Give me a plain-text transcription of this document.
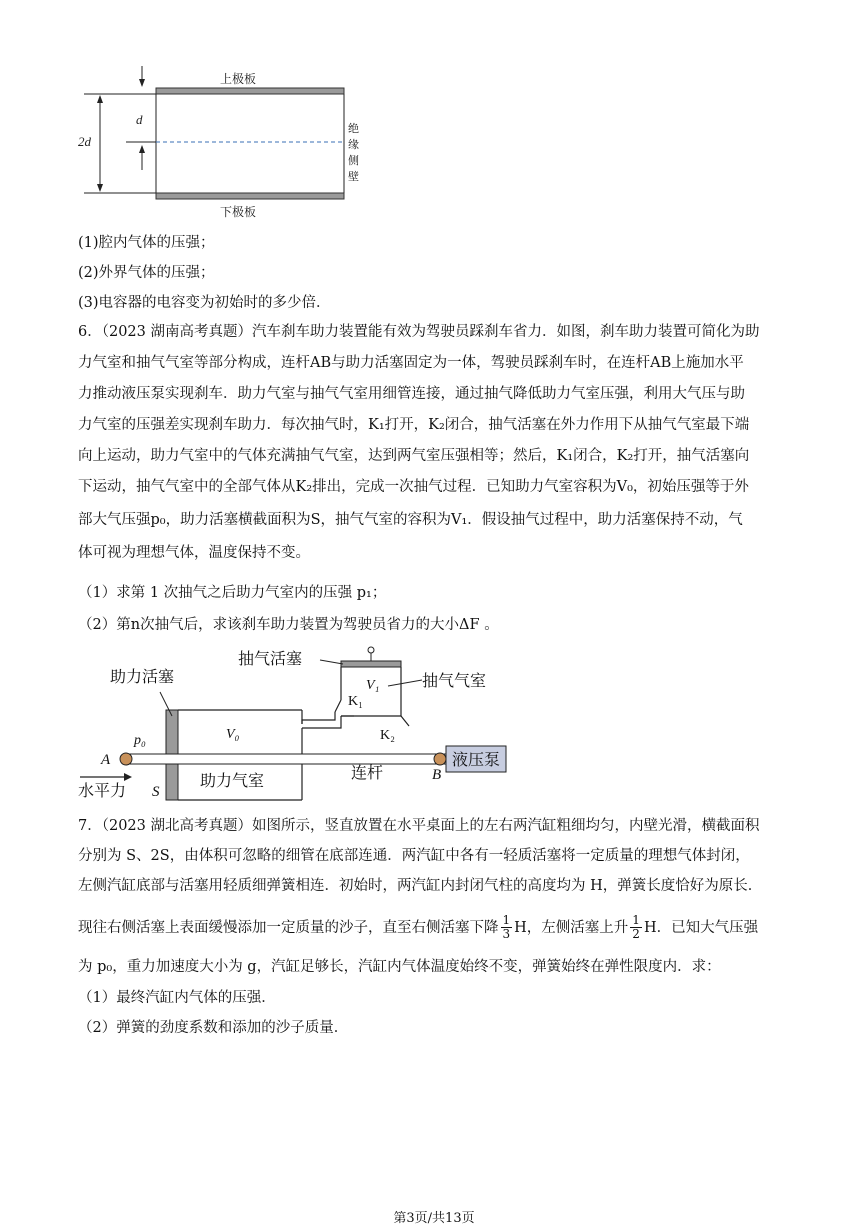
上极板
下极板
d
2d
绝
缘
侧
壁
(1)腔内气体的压强；
(2)外界气体的压强；
(3)电容器的电容变为初始时的多少倍．
6．（2023 湖南高考真题）汽车刹车助力装置能有效为驾驶员踩刹车省力．如图，刹车助力装置可简化为助
力气室和抽气气室等部分构成，连杆AB与助力活塞固定为一体，驾驶员踩刹车时，在连杆AB上施加水平
力推动液压泵实现刹车．助力气室与抽气气室用细管连接，通过抽气降低助力气室压强，利用大气压与助
力气室的压强差实现刹车助力．每次抽气时，K₁打开，K₂闭合，抽气活塞在外力作用下从抽气气室最下端
向上运动，助力气室中的气体充满抽气气室，达到两气室压强相等；然后，K₁闭合，K₂打开，抽气活塞向
下运动，抽气气室中的全部气体从K₂排出，完成一次抽气过程．已知助力气室容积为V₀，初始压强等于外
部大气压强p₀，助力活塞横截面积为S，抽气气室的容积为V₁．假设抽气过程中，助力活塞保持不动，气
体可视为理想气体，温度保持不变。
（1）求第 1 次抽气之后助力气室内的压强 p₁；
（2）第n次抽气后，求该刹车助力装置为驾驶员省力的大小ΔF 。
抽气活塞
抽气气室
助力活塞
助力气室	连杆
液压泵
水平力
p₀	V₀
V₁
K₁
K₂
A
B
S
7．（2023 湖北高考真题）如图所示，竖直放置在水平桌面上的左右两汽缸粗细均匀，内壁光滑，横截面积
分别为 S、2S，由体积可忽略的细管在底部连通．两汽缸中各有一轻质活塞将一定质量的理想气体封闭，
左侧汽缸底部与活塞用轻质细弹簧相连．初始时，两汽缸内封闭气柱的高度均为 H，弹簧长度恰好为原长．
现往右侧活塞上表面缓慢添加一定质量的沙子，直至右侧活塞下降 $\frac{1}{3}$ H，左侧活塞上升 $\frac{1}{2}$ H．已知大气压强
为 p₀，重力加速度大小为 g，汽缸足够长，汽缸内气体温度始终不变，弹簧始终在弹性限度内．求：
（1）最终汽缸内气体的压强．
（2）弹簧的劲度系数和添加的沙子质量．
第3页/共13页
